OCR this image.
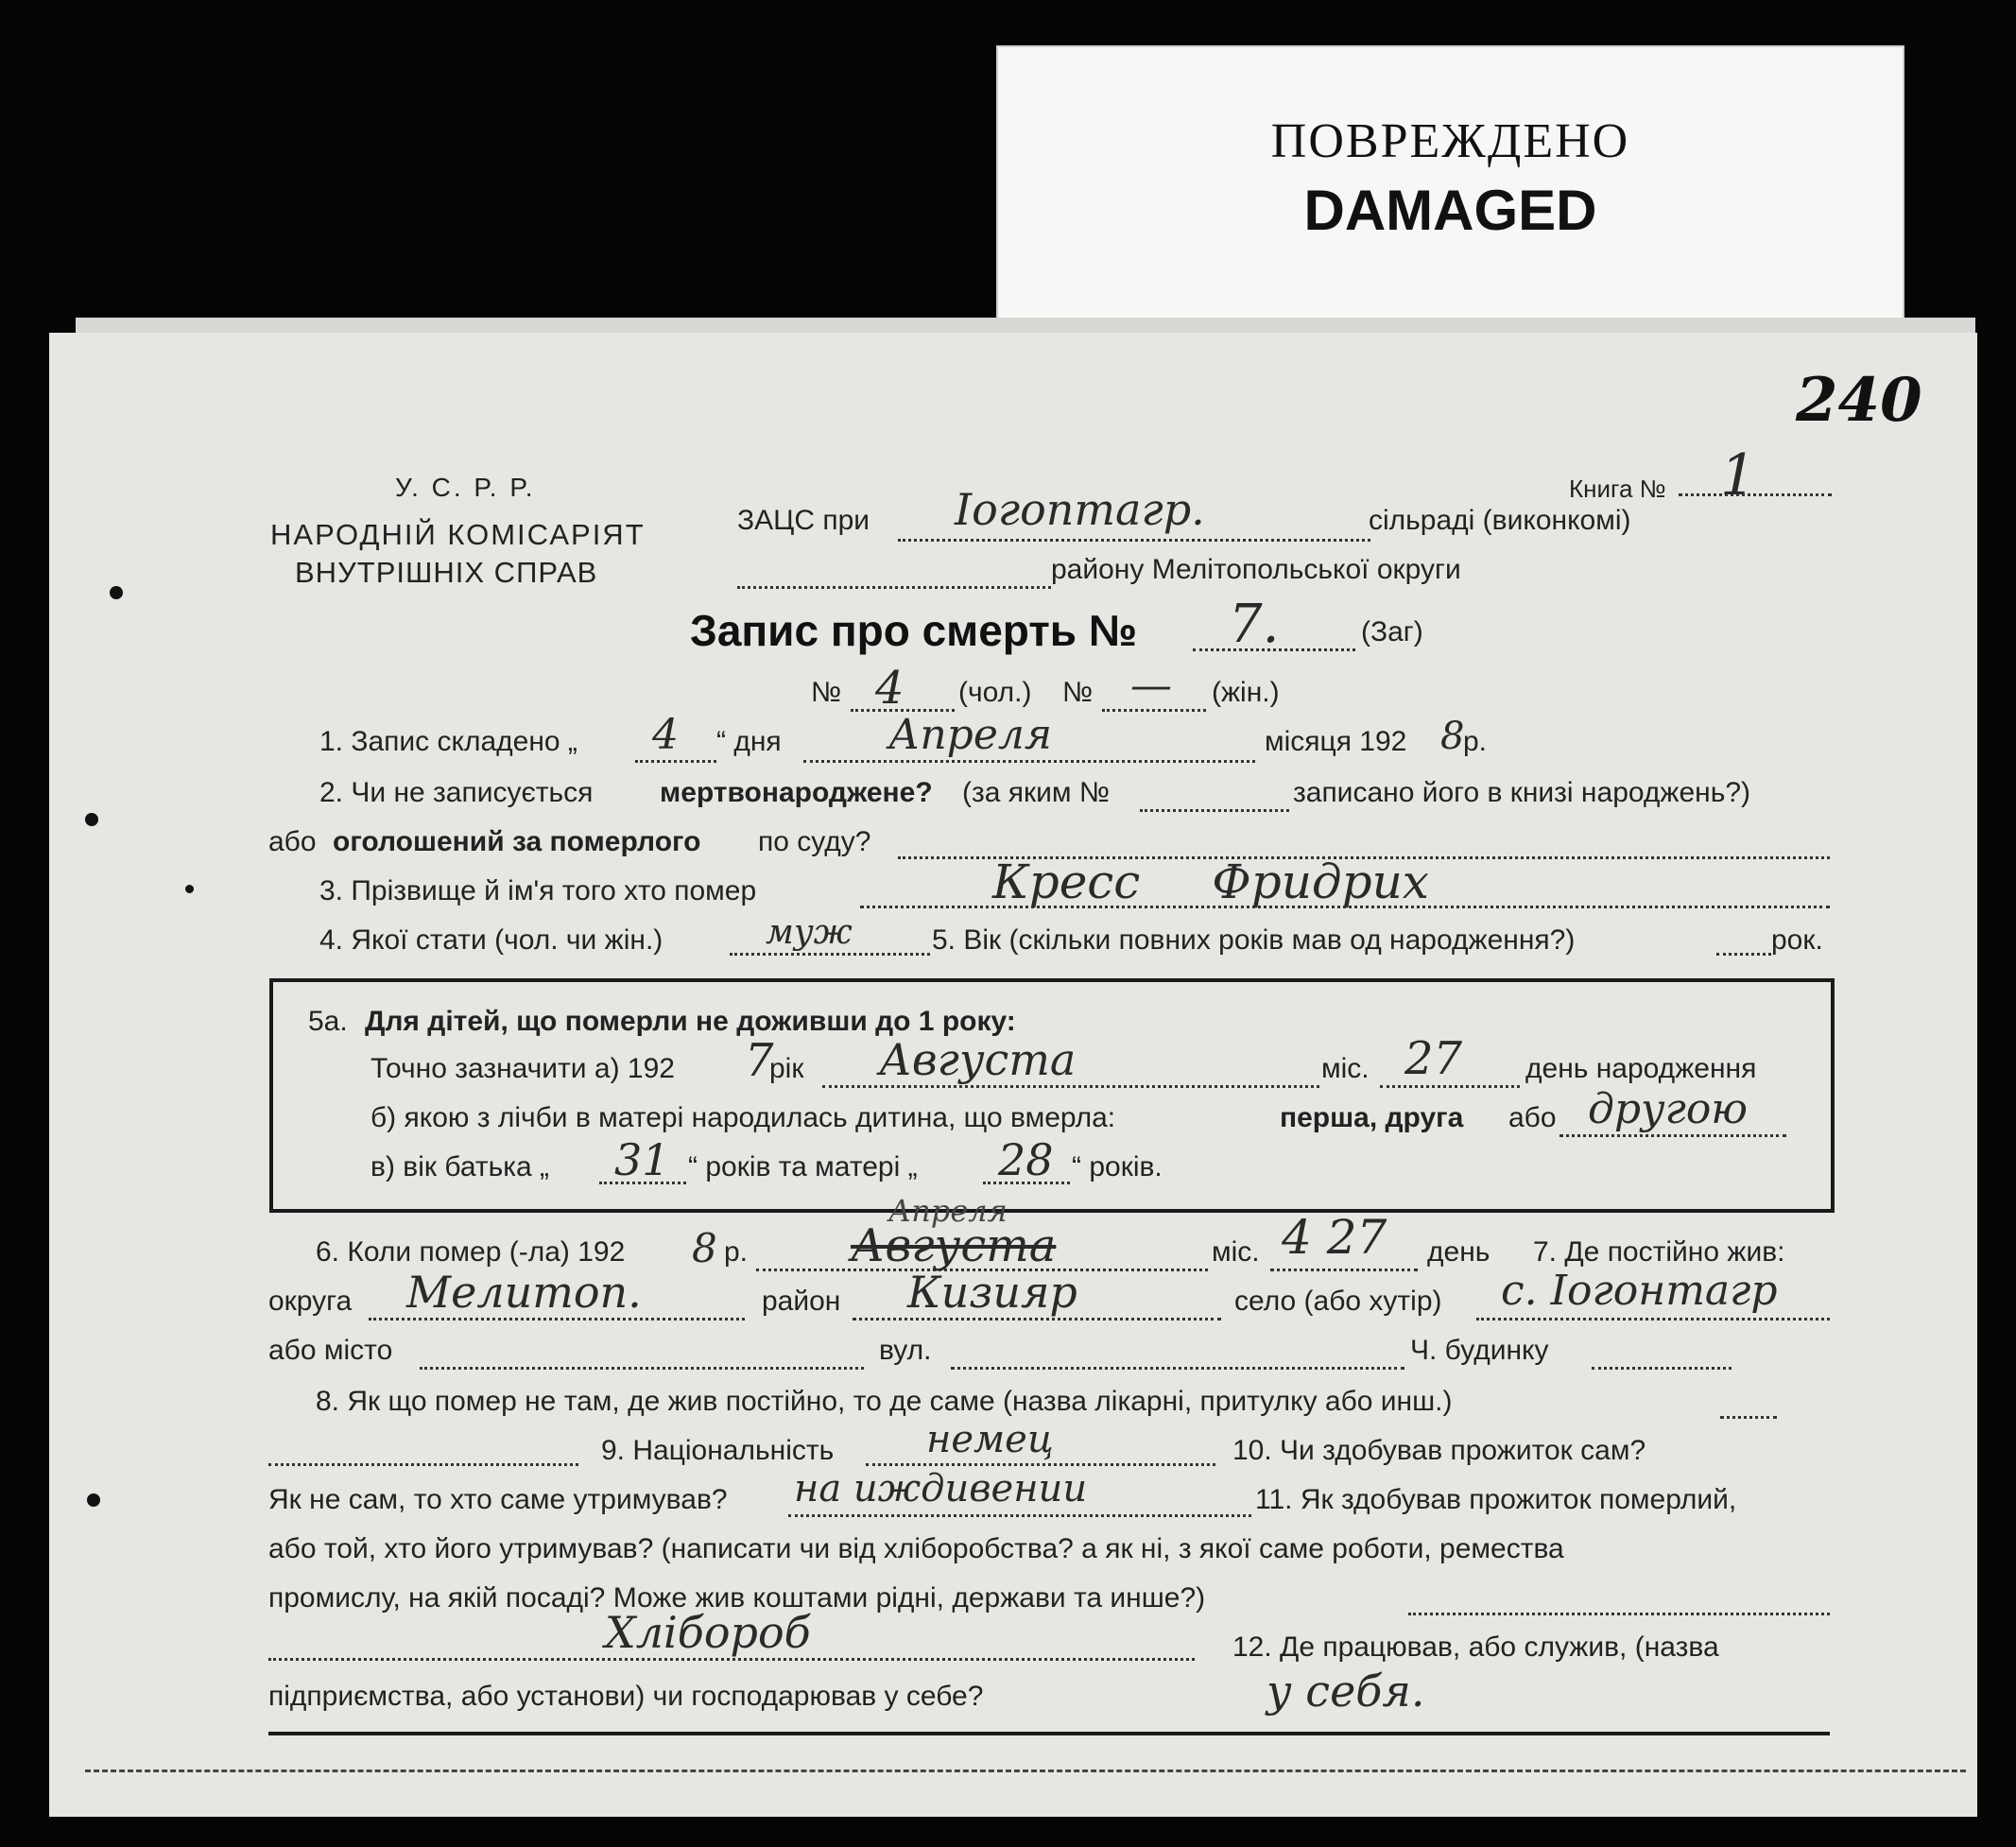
ПОВРЕЖДЕНО
DAMAGED
240
У. С. Р. Р.
НАРОДНІЙ КОМІСАРІЯТ
ВНУТРІШНІХ СПРАВ
ЗАЦС при Іогоптагр.	сільраді (виконкомі)
Книга № 1
району Мелітопольської округи
Запис про смерть № 7.	(Заг)
№ 4 (чол.) № — (жін.)
1. Запис складено „ 4 “ дня	Апреля	місяця 192 8
р.
2. Чи не записується мертвонароджене? (за яким №	записано його в книзі народжень?)
або оголошений за померлого по суду?
3. Прізвище й ім'я того хто помер	Кресс Фридрих
4. Якої стати (чол. чи жін.)	муж	5. Вік (скільки повних років мав од народження?)	рок.
5а. Для дітей, що померли не доживши до 1 року:
Точно зазначити а) 192 7
рік Августа	міс. 27 день народження
б) якою з лічби в матері народилась дитина, що вмерла:	перша, друга або другою
в) вік батька „ 31 “ років та матері „ 28 “ років.
6. Коли помер (-ла) 192 8 р.
Апреля
Августа	міс. 4 27 день 7. Де постійно жив:
округа Мелитоп.	район Кизияр	село (або хутір) с. Іогонтагр
або місто	вул.	Ч. будинку
8. Як що помер не там, де жив постійно, то де саме (назва лікарні, притулку або инш.)
9. Національність немец	10. Чи здобував прожиток сам?
Як не сам, то хто саме утримував? на иждивении	11. Як здобував прожиток померлий,
або той, хто його утримував? (написати чи від хліборобства? а як ні, з якої саме роботи, ремества
промислу, на якій посаді? Може жив коштами рідні, держави та инше?)
Хлібороб	12. Де працював, або служив, (назва
підприємства, або установи) чи господарював у себе?	у себя.
